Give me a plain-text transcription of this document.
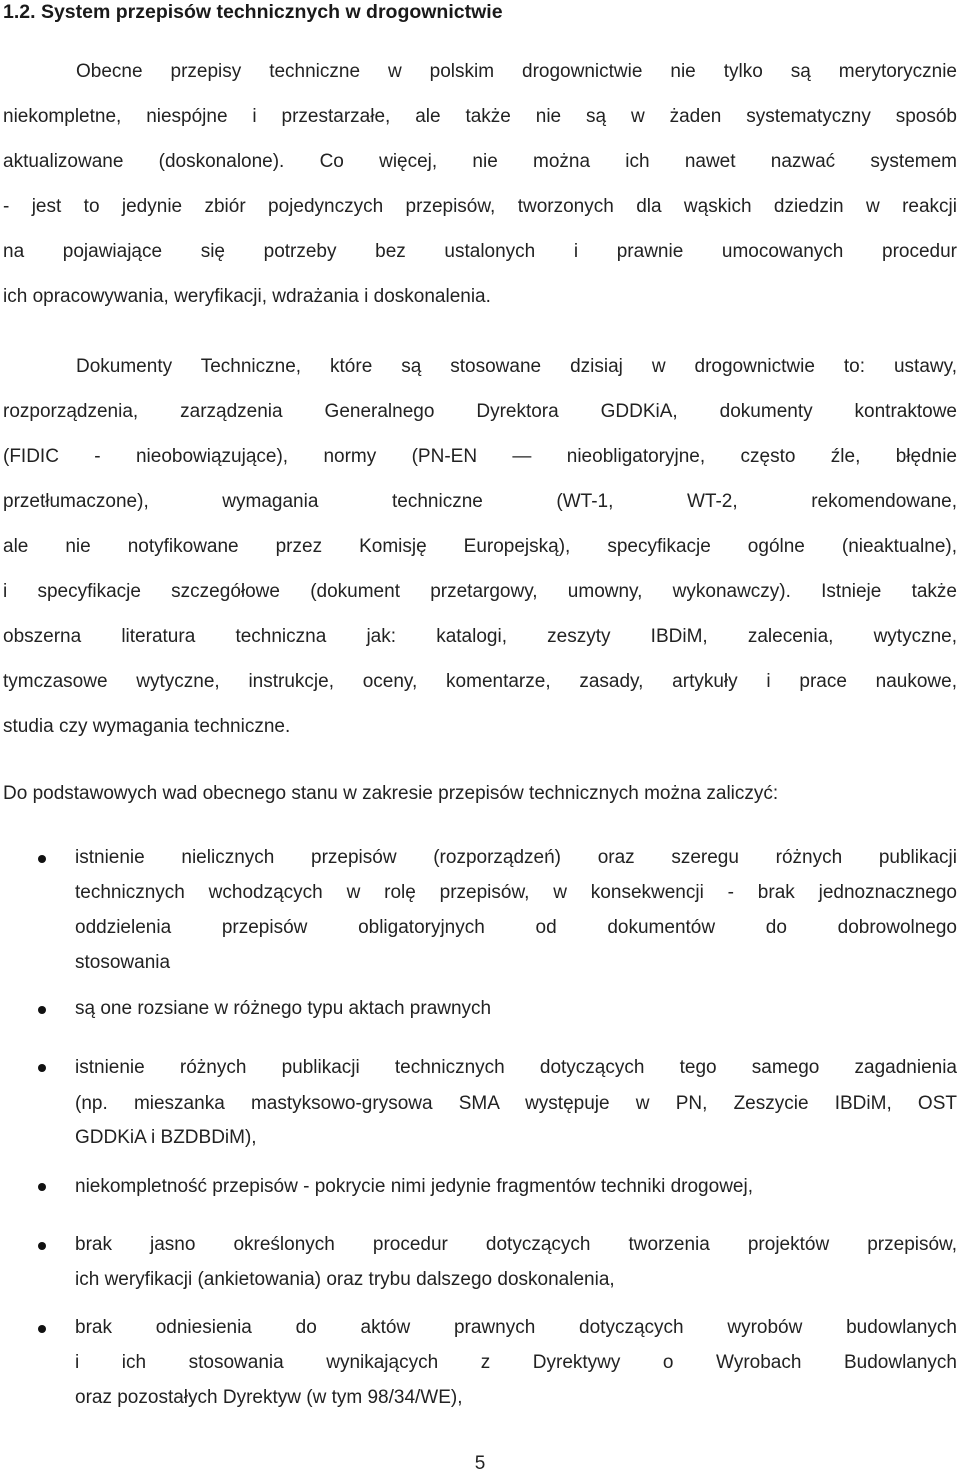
1.2. System przepisów technicznych w drogownictwie
Obecne przepisy techniczne w polskim drogownictwie nie tylko są merytorycznie
niekompletne, niespójne i przestarzałe, ale także nie są w żaden systematyczny sposób
aktualizowane (doskonalone). Co więcej, nie można ich nawet nazwać systemem
- jest to jedynie zbiór pojedynczych przepisów, tworzonych dla wąskich dziedzin w reakcji
na pojawiające się potrzeby bez ustalonych i prawnie umocowanych procedur
ich opracowywania, weryfikacji, wdrażania i doskonalenia.
Dokumenty Techniczne, które są stosowane dzisiaj w drogownictwie to: ustawy,
rozporządzenia, zarządzenia Generalnego Dyrektora GDDKiA, dokumenty kontraktowe
(FIDIC - nieobowiązujące), normy (PN-EN — nieobligatoryjne, często źle, błędnie
przetłumaczone), wymagania techniczne (WT-1, WT-2, rekomendowane,
ale nie notyfikowane przez Komisję Europejską), specyfikacje ogólne (nieaktualne),
i specyfikacje szczegółowe (dokument przetargowy, umowny, wykonawczy). Istnieje także
obszerna literatura techniczna jak: katalogi, zeszyty IBDiM, zalecenia, wytyczne,
tymczasowe wytyczne, instrukcje, oceny, komentarze, zasady, artykuły i prace naukowe,
studia czy wymagania techniczne.
Do podstawowych wad obecnego stanu w zakresie przepisów technicznych można zaliczyć:
istnienie nielicznych przepisów (rozporządzeń) oraz szeregu różnych publikacji
technicznych wchodzących w rolę przepisów, w konsekwencji - brak jednoznacznego
oddzielenia przepisów obligatoryjnych od dokumentów do dobrowolnego
stosowania
są one rozsiane w różnego typu aktach prawnych
istnienie różnych publikacji technicznych dotyczących tego samego zagadnienia
(np. mieszanka mastyksowo-grysowa SMA występuje w PN, Zeszycie IBDiM, OST
GDDKiA i BZDBDiM),
niekompletność przepisów - pokrycie nimi jedynie fragmentów techniki drogowej,
brak jasno określonych procedur dotyczących tworzenia projektów przepisów,
ich weryfikacji (ankietowania) oraz trybu dalszego doskonalenia,
brak odniesienia do aktów prawnych dotyczących wyrobów budowlanych
i ich stosowania wynikających z Dyrektywy o Wyrobach Budowlanych
oraz pozostałych Dyrektyw (w tym 98/34/WE),
5
